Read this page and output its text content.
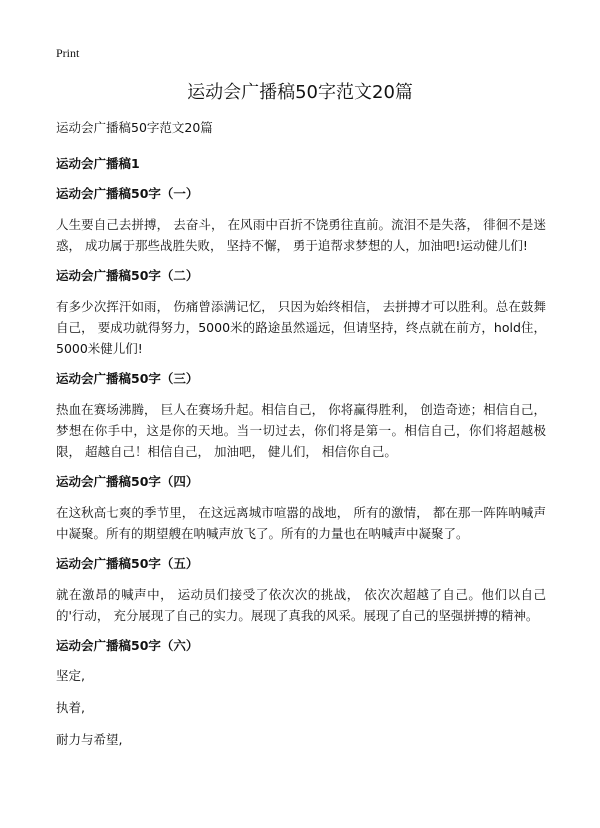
Print
运动会广播稿50字范文20篇
运动会广播稿50字范文20篇
运动会广播稿1
运动会广播稿50字（一）
人生要自己去拼搏， 去奋斗， 在风雨中百折不饶勇往直前。流泪不是失落， 徘徊不是迷惑， 成功属于那些战胜失败， 坚持不懈， 勇于追帮求梦想的人，加油吧!运动健儿们!
运动会广播稿50字（二）
有多少次挥汗如雨， 伤痛曾添满记忆， 只因为始终相信， 去拼搏才可以胜利。总在鼓舞自己， 要成功就得努力，5000米的路途虽然遥远，但请坚持，终点就在前方，hold住，5000米健儿们!
运动会广播稿50字（三）
热血在赛场沸腾， 巨人在赛场升起。相信自己， 你将赢得胜利， 创造奇迹；相信自己， 梦想在你手中，这是你的天地。当一切过去，你们将是第一。相信自己，你们将超越极限， 超越自己！相信自己， 加油吧， 健儿们， 相信你自己。
运动会广播稿50字（四）
在这秋高七爽的季节里， 在这远离城市喧嚣的战地， 所有的激情， 都在那一阵阵呐喊声中凝聚。所有的期望艘在呐喊声放飞了。所有的力量也在呐喊声中凝聚了。
运动会广播稿50字（五）
就在激昂的喊声中， 运动员们接受了依次次的挑战， 依次次超越了自己。他们以自己的'行动， 充分展现了自己的实力。展现了真我的风采。展现了自己的坚强拼搏的精神。
运动会广播稿50字（六）
坚定,
执着,
耐力与希望,
